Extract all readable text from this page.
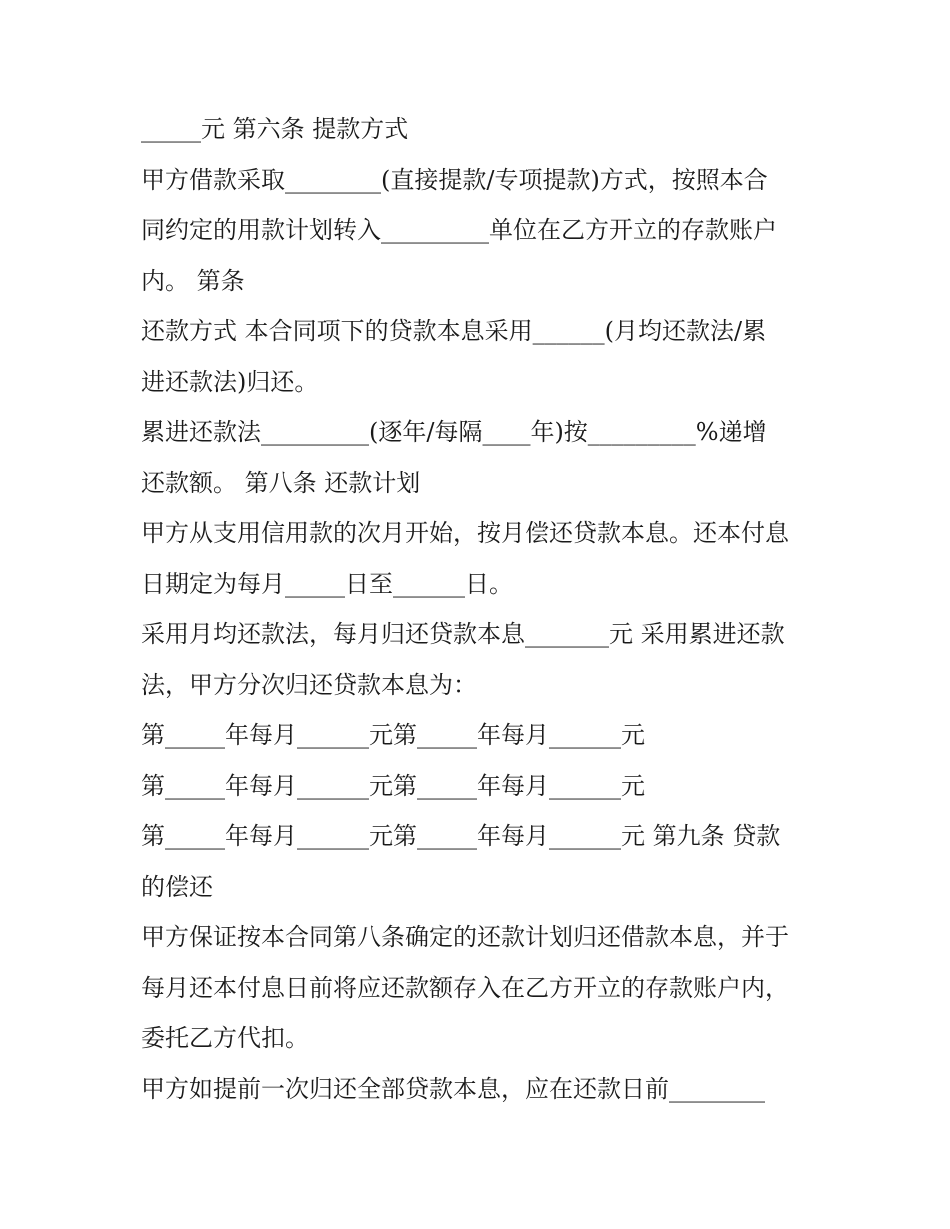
_____元 第六条 提款方式

甲方借款采取________(直接提款/专项提款)方式，按照本合

同约定的用款计划转入_________单位在乙方开立的存款账户

内。 第条

还款方式 本合同项下的贷款本息采用______(月均还款法/累

进还款法)归还。

累进还款法_________(逐年/每隔____年)按_________%递增

还款额。 第八条 还款计划

甲方从支用信用款的次月开始，按月偿还贷款本息。还本付息

日期定为每月_____日至______日。

采用月均还款法，每月归还贷款本息_______元 采用累进还款

法，甲方分次归还贷款本息为：

第_____年每月______元第_____年每月______元

第_____年每月______元第_____年每月______元

第_____年每月______元第_____年每月______元 第九条 贷款

的偿还

甲方保证按本合同第八条确定的还款计划归还借款本息，并于

每月还本付息日前将应还款额存入在乙方开立的存款账户内，

委托乙方代扣。

甲方如提前一次归还全部贷款本息，应在还款日前________
